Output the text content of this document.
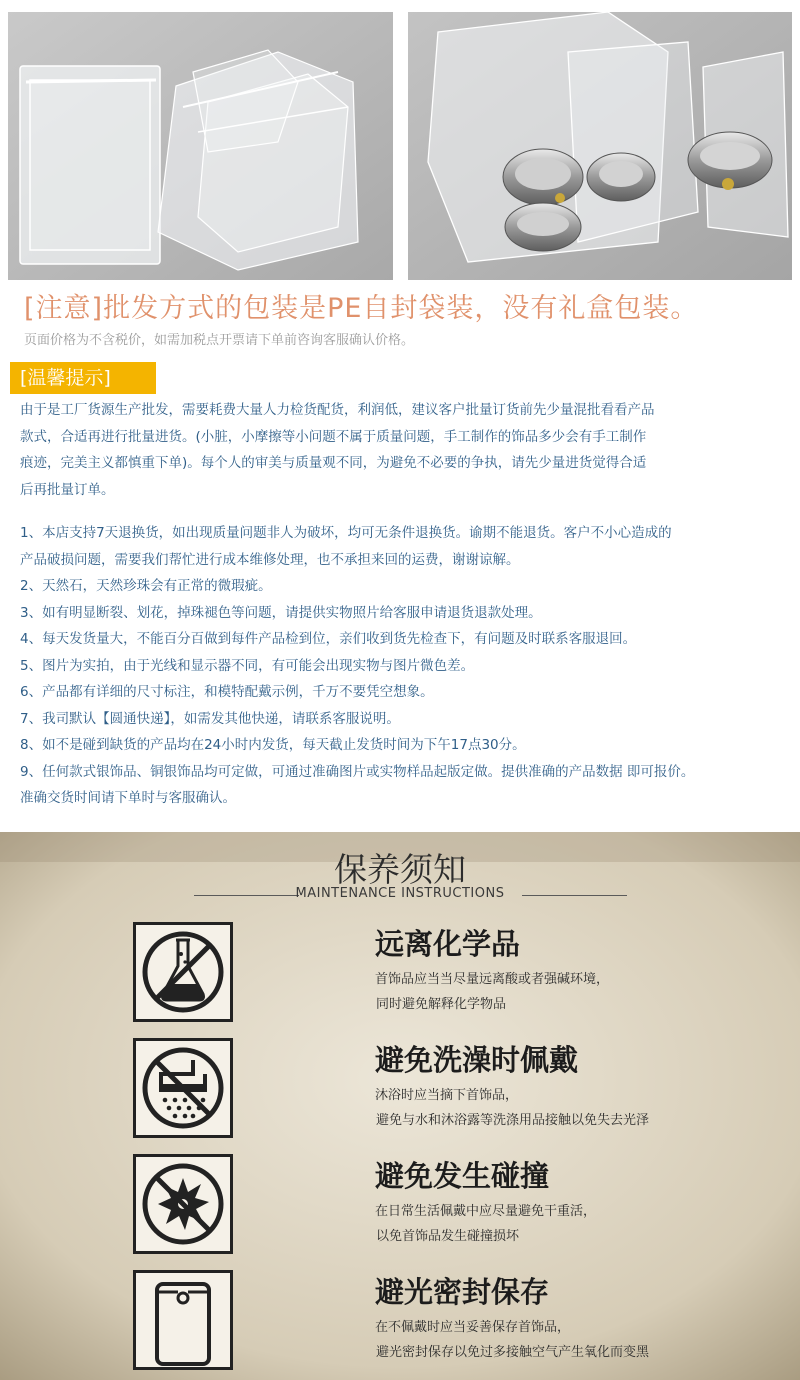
[注意]批发方式的包装是PE自封袋装，没有礼盒包装。
页面价格为不含税价，如需加税点开票请下单前咨询客服确认价格。
[温馨提示]

由于是工厂货源生产批发，需要耗费大量人力检货配货，利润低，建议客户批量订货前先少量混批看看产品

款式，合适再进行批量进货。(小脏，小摩擦等小问题不属于质量问题，手工制作的饰品多少会有手工制作

痕迹，完美主义都慎重下单)。每个人的审美与质量观不同，为避免不必要的争执，请先少量进货觉得合适

后再批量订单。

1、本店支持7天退换货，如出现质量问题非人为破坏，均可无条件退换货。谕期不能退货。客户不小心造成的

产品破损问题，需要我们帮忙进行成本维修处理，也不承担来回的运费，谢谢谅解。

2、天然石，天然珍珠会有正常的微瑕疵。

3、如有明显断裂、划花，掉珠褪色等问题，请提供实物照片给客服申请退货退款处理。

4、每天发货量大，不能百分百做到每件产品检到位，亲们收到货先检查下，有问题及时联系客服退回。

5、图片为实拍，由于光线和显示器不同，有可能会出现实物与图片微色差。

6、产品都有详细的尺寸标注，和模特配戴示例，千万不要凭空想象。

7、我司默认【圆通快递】，如需发其他快递，请联系客服说明。

8、如不是碰到缺货的产品均在24小时内发货，每天截止发货时间为下午17点30分。

9、任何款式银饰品、铜银饰品均可定做，可通过准确图片或实物样品起版定做。提供准确的产品数据 即可报价。

准确交货时间请下单时与客服确认。

保养须知
MAINTENANCE INSTRUCTIONS
远离化学品
首饰品应当当尽量远离酸或者强碱环境，
同时避免解释化学物品
避免洗澡时佩戴
沐浴时应当摘下首饰品，
避免与水和沐浴露等洗涤用品接触以免失去光泽
避免发生碰撞
在日常生活佩戴中应尽量避免干重活，
以免首饰品发生碰撞损坏
避光密封保存
在不佩戴时应当妥善保存首饰品，
避光密封保存以免过多接触空气产生氧化而变黑
